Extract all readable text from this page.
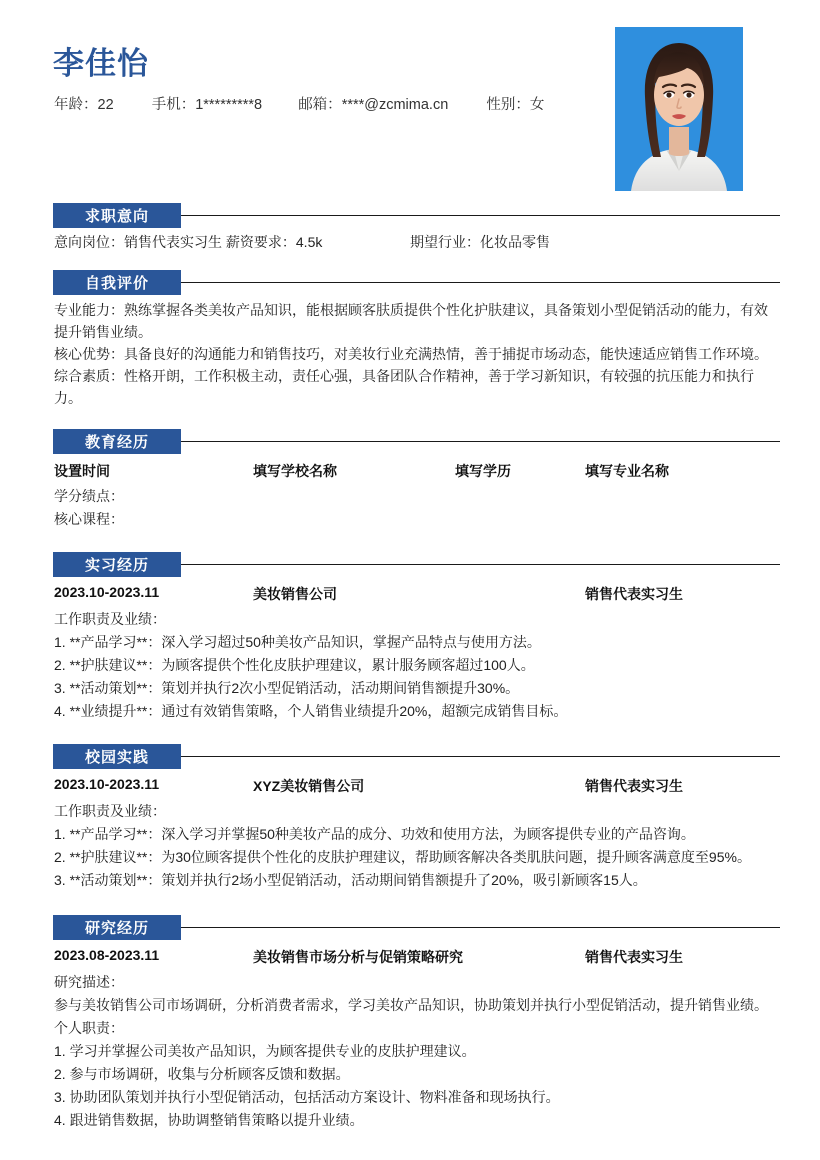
李佳怡
年龄：22	手机：1*********8 邮箱：****@zcmima.cn	性别：女
求职意向
意向岗位：销售代表实习生 薪资要求：4.5k	期望行业：化妆品零售
自我评价

专业能力：熟练掌握各类美妆产品知识，能根据顾客肤质提供个性化护肤建议，具备策划小型促销活动的能力，有效提升销售业绩。

核心优势：具备良好的沟通能力和销售技巧，对美妆行业充满热情，善于捕捉市场动态，能快速适应销售工作环境。

综合素质：性格开朗，工作积极主动，责任心强，具备团队合作精神，善于学习新知识，有较强的抗压能力和执行力。

教育经历
设置时间	填写学校名称	填写学历	填写专业名称

学分绩点：

核心课程：

实习经历
2023.10-2023.11	美妆销售公司	销售代表实习生

工作职责及业绩：

1. **产品学习**：深入学习超过50种美妆产品知识，掌握产品特点与使用方法。

2. **护肤建议**：为顾客提供个性化皮肤护理建议，累计服务顾客超过100人。

3. **活动策划**：策划并执行2次小型促销活动，活动期间销售额提升30%。

4. **业绩提升**：通过有效销售策略，个人销售业绩提升20%，超额完成销售目标。

校园实践
2023.10-2023.11	XYZ美妆销售公司	销售代表实习生

工作职责及业绩：

1. **产品学习**：深入学习并掌握50种美妆产品的成分、功效和使用方法，为顾客提供专业的产品咨询。

2. **护肤建议**：为30位顾客提供个性化的皮肤护理建议，帮助顾客解决各类肌肤问题，提升顾客满意度至95%。

3. **活动策划**：策划并执行2场小型促销活动，活动期间销售额提升了20%，吸引新顾客15人。

研究经历
2023.08-2023.11	美妆销售市场分析与促销策略研究	销售代表实习生

研究描述：

参与美妆销售公司市场调研，分析消费者需求，学习美妆产品知识，协助策划并执行小型促销活动，提升销售业绩。

个人职责：

1. 学习并掌握公司美妆产品知识，为顾客提供专业的皮肤护理建议。

2. 参与市场调研，收集与分析顾客反馈和数据。

3. 协助团队策划并执行小型促销活动，包括活动方案设计、物料准备和现场执行。

4. 跟进销售数据，协助调整销售策略以提升业绩。
